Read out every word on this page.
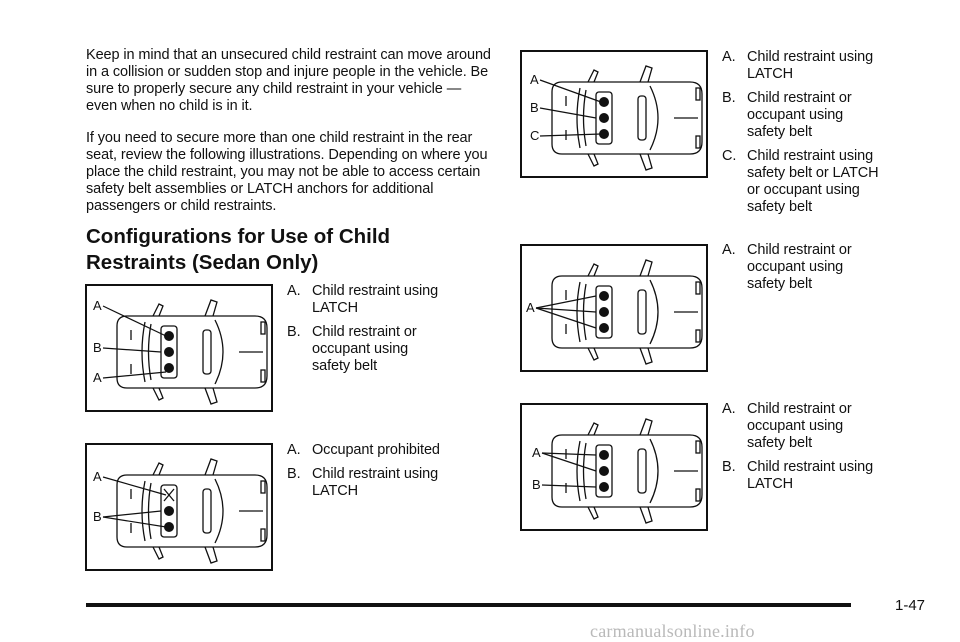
Keep in mind that an unsecured child restraint can move around in a collision or sudden stop and injure people in the vehicle. Be sure to properly secure any child restraint in your vehicle — even when no child is in it.

If you need to secure more than one child restraint in the rear seat, review the following illustrations. Depending on where you place the child restraint, you may not be able to access certain safety belt assemblies or LATCH anchors for additional passengers or child restraints.

Configurations for Use of Child Restraints (Sedan Only)
A
B
A
A. Child restraint using
LATCH
B. Child restraint or
occupant using
safety belt
A
B
A. Occupant prohibited
B. Child restraint using
LATCH
A
B
C
A. Child restraint using
LATCH
B. Child restraint or
occupant using
safety belt
C. Child restraint using
safety belt or LATCH
or occupant using
safety belt
A
A. Child restraint or
occupant using
safety belt
A
B
A. Child restraint or
occupant using
safety belt
B. Child restraint using
LATCH
1-47
carmanualsonline.info
